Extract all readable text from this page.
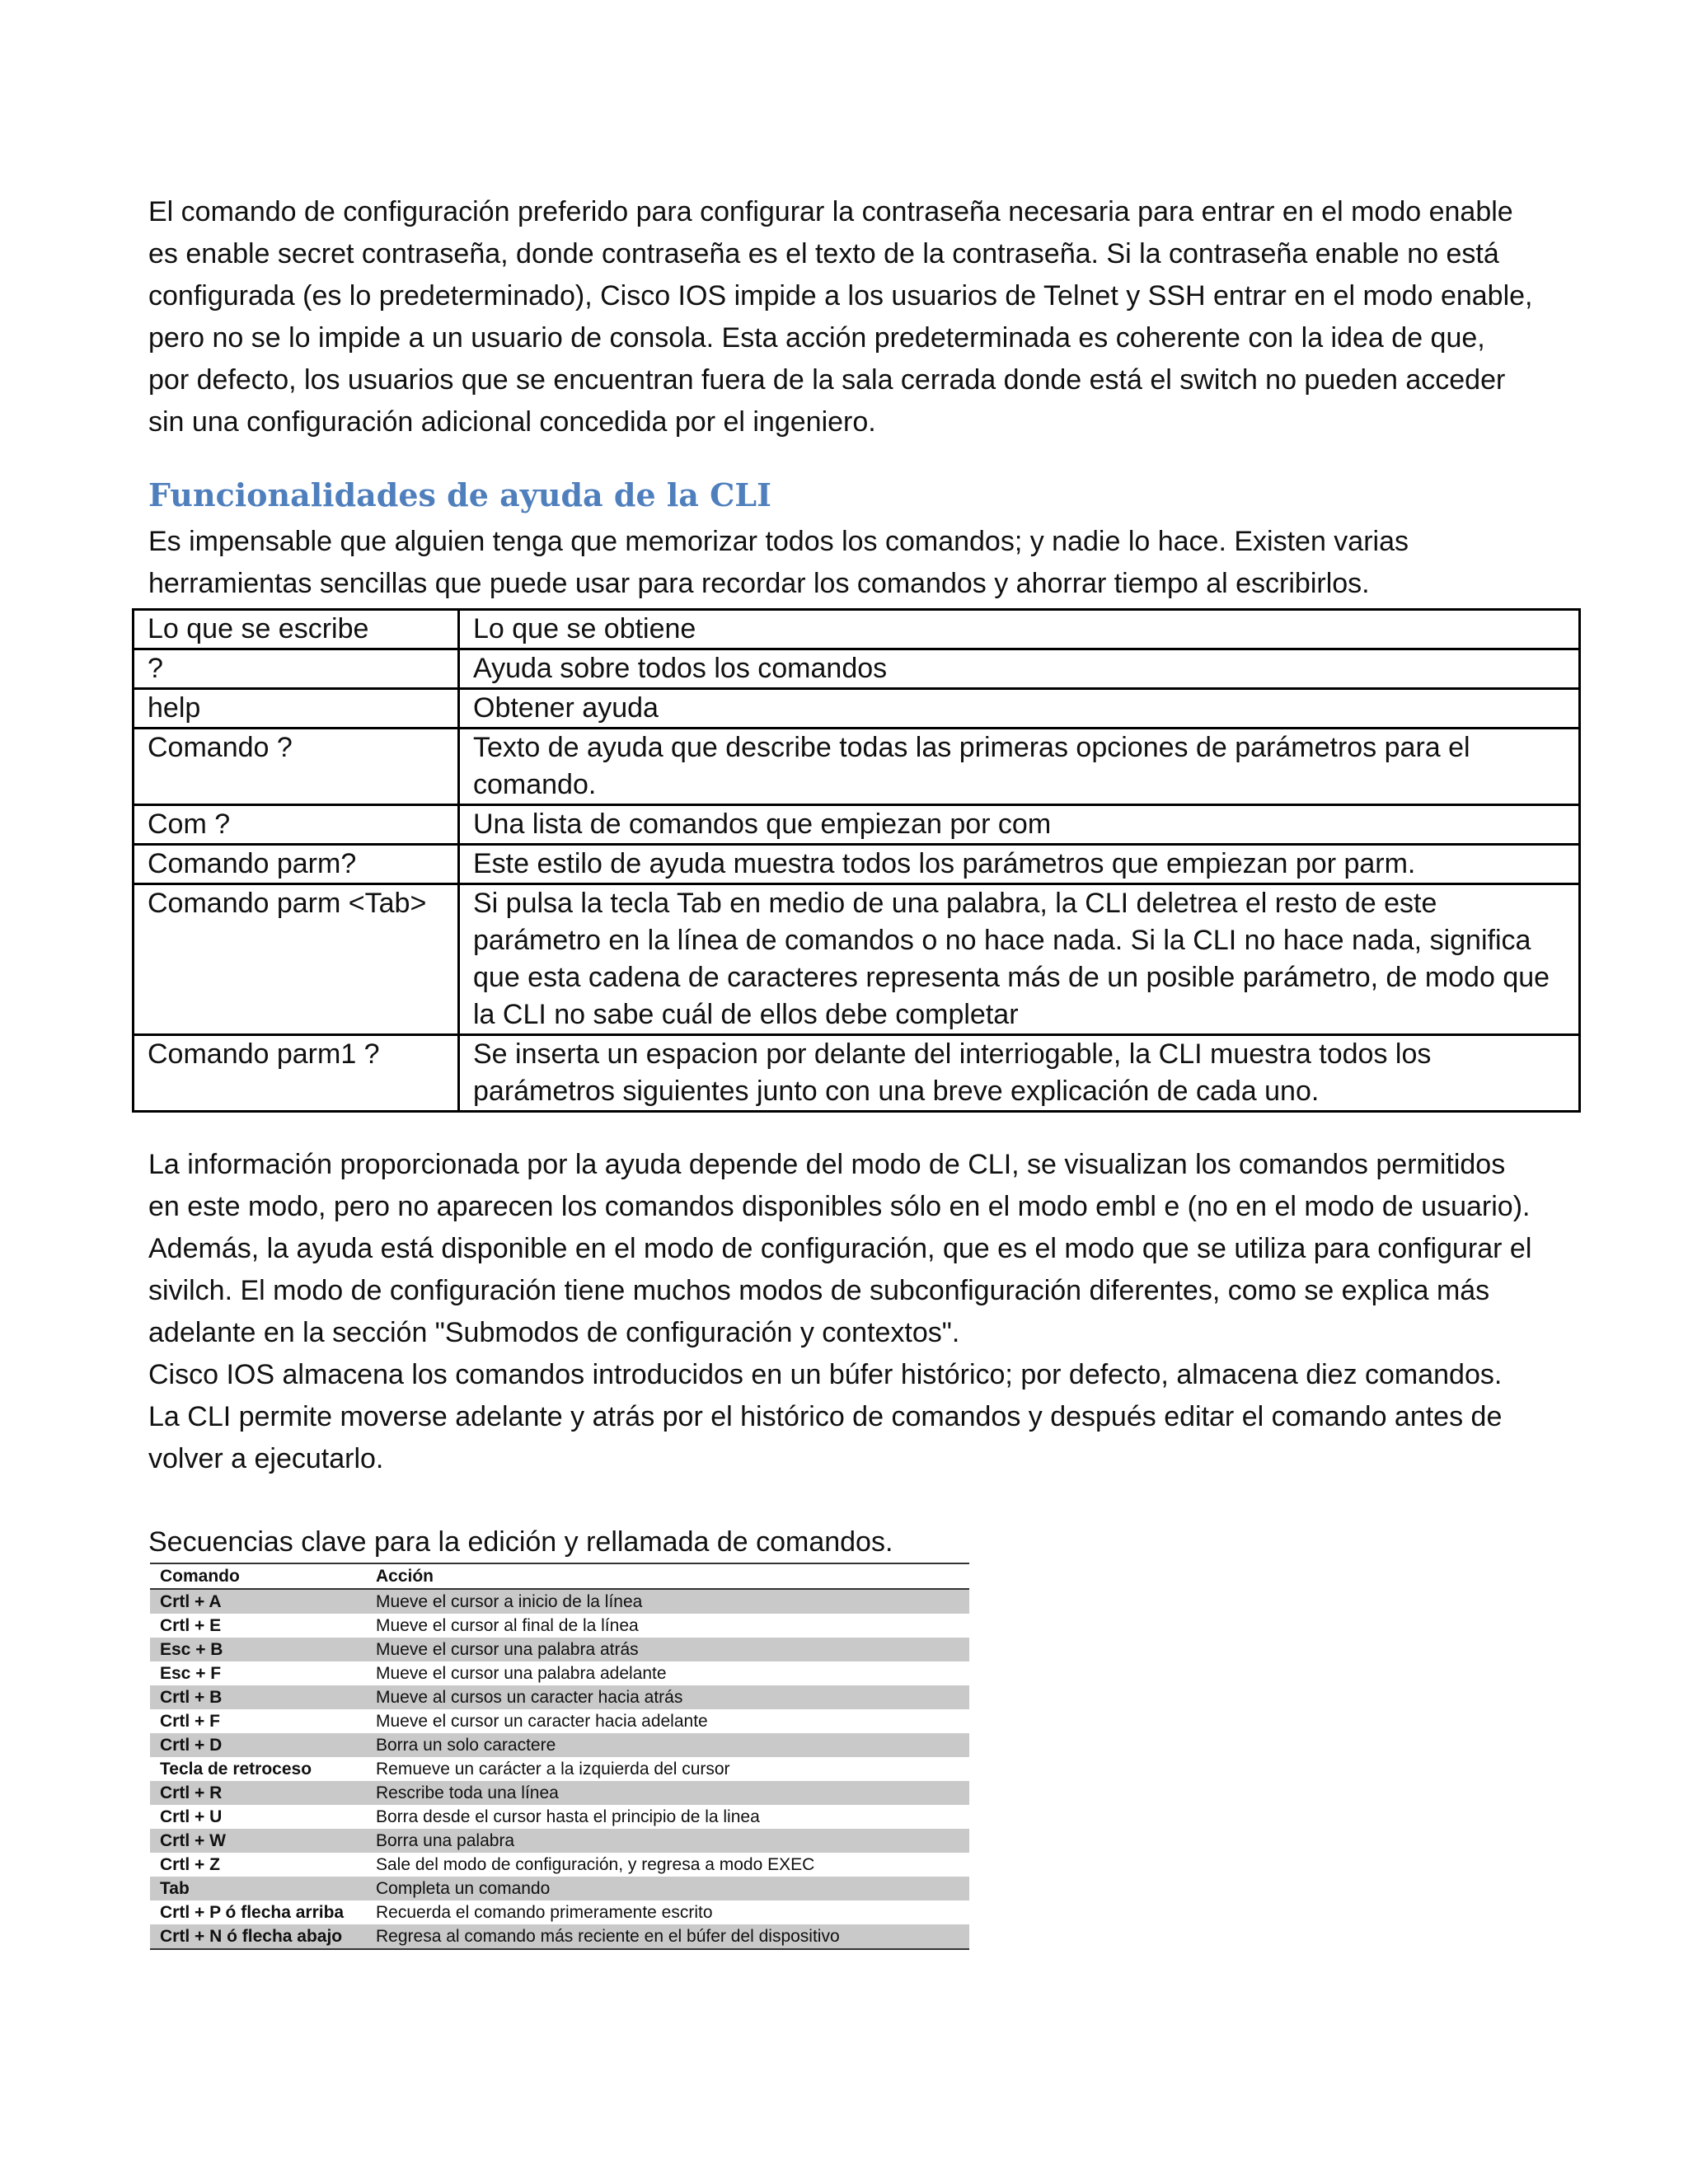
El comando de configuración preferido para configurar la contraseña necesaria para entrar en el modo enable es enable secret contraseña, donde contraseña es el texto de la contraseña. Si la contraseña enable no está configurada (es lo predeterminado), Cisco IOS impide a los usuarios de Telnet y SSH entrar en el modo enable, pero no se lo impide a un usuario de consola. Esta acción predeterminada es coherente con la idea de que, por defecto, los usuarios que se encuentran fuera de la sala cerrada donde está el switch no pueden acceder sin una configuración adicional concedida por el ingeniero.

Funcionalidades de ayuda de la CLI

Es impensable que alguien tenga que memorizar todos los comandos; y nadie lo hace. Existen varias herramientas sencillas que puede usar para recordar los comandos y ahorrar tiempo al escribirlos.

Lo que se escribe	Lo que se obtiene
?	Ayuda sobre todos los comandos
help	Obtener ayuda
Comando ?	Texto de ayuda que describe todas las primeras opciones de parámetros para el comando.
Com ?	Una lista de comandos que empiezan por com
Comando parm?	Este estilo de ayuda muestra todos los parámetros que empiezan por parm.
Comando parm <Tab>	Si pulsa la tecla Tab en medio de una palabra, la CLI deletrea el resto de este parámetro en la línea de comandos o no hace nada. Si la CLI no hace nada, significa que esta cadena de caracteres representa más de un posible parámetro, de modo que la CLI no sabe cuál de ellos debe completar
Comando parm1 ?	Se inserta un espacion por delante del interriogable, la CLI muestra todos los parámetros siguientes junto con una breve explicación de cada uno.

La información proporcionada por la ayuda depende del modo de CLI, se visualizan los comandos permitidos en este modo, pero no aparecen los comandos disponibles sólo en el modo embl e (no en el modo de usuario). Además, la ayuda está disponible en el modo de configuración, que es el modo que se utiliza para configurar el sivilch. El modo de configuración tiene muchos modos de subconfiguración diferentes, como se explica más adelante en la sección "Submodos de configuración y contextos".

Cisco IOS almacena los comandos introducidos en un búfer histórico; por defecto, almacena diez comandos. La CLI permite moverse adelante y atrás por el histórico de comandos y después editar el comando antes de volver a ejecutarlo.

Secuencias clave para la edición y rellamada de comandos.

Comando	Acción
Crtl + A	Mueve el cursor a inicio de la línea
Crtl + E	Mueve el cursor al final de la línea
Esc + B	Mueve el cursor una palabra atrás
Esc + F	Mueve el cursor una palabra adelante
Crtl + B	Mueve al cursos un caracter hacia atrás
Crtl + F	Mueve el cursor un caracter hacia adelante
Crtl + D	Borra un solo caractere
Tecla de retroceso	Remueve un carácter a la izquierda del cursor
Crtl + R	Rescribe toda una línea
Crtl + U	Borra desde el cursor hasta el principio de la linea
Crtl + W	Borra una palabra
Crtl + Z	Sale del modo de configuración, y regresa a modo EXEC
Tab	Completa un comando
Crtl + P ó flecha arriba	Recuerda el comando primeramente escrito
Crtl + N ó flecha abajo	Regresa al comando más reciente en el búfer del dispositivo
